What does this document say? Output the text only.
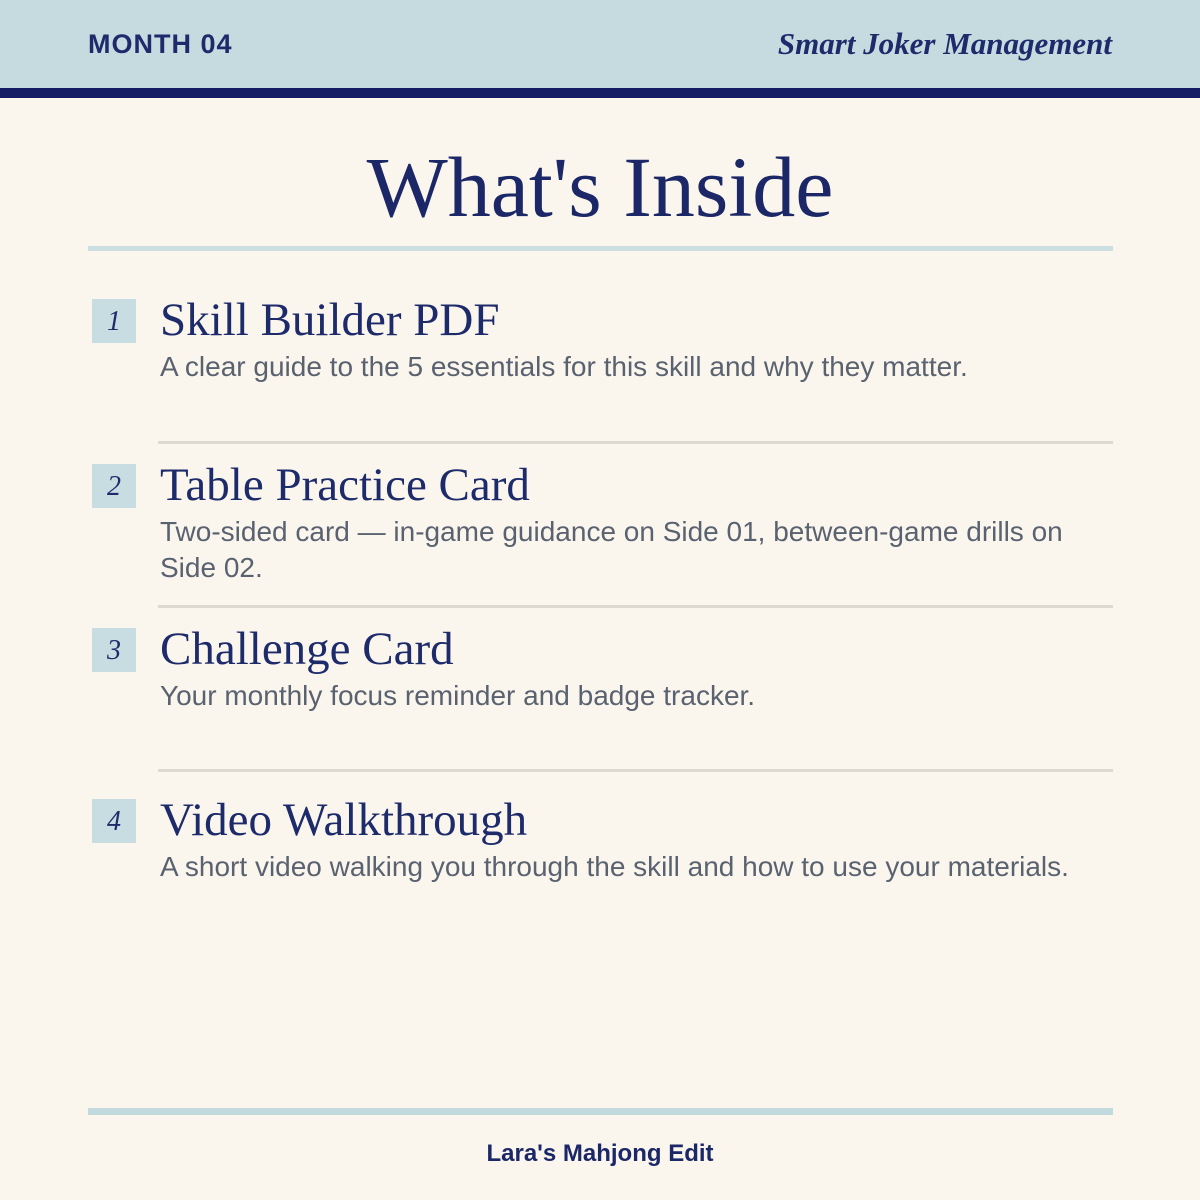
MONTH 04	Smart Joker Management
What's Inside
1 Skill Builder PDF

A clear guide to the 5 essentials for this skill and why they matter.

2 Table Practice Card

Two-sided card — in-game guidance on Side 01, between-game drills on Side 02.

3 Challenge Card

Your monthly focus reminder and badge tracker.

4 Video Walkthrough

A short video walking you through the skill and how to use your materials.

Lara's Mahjong Edit
